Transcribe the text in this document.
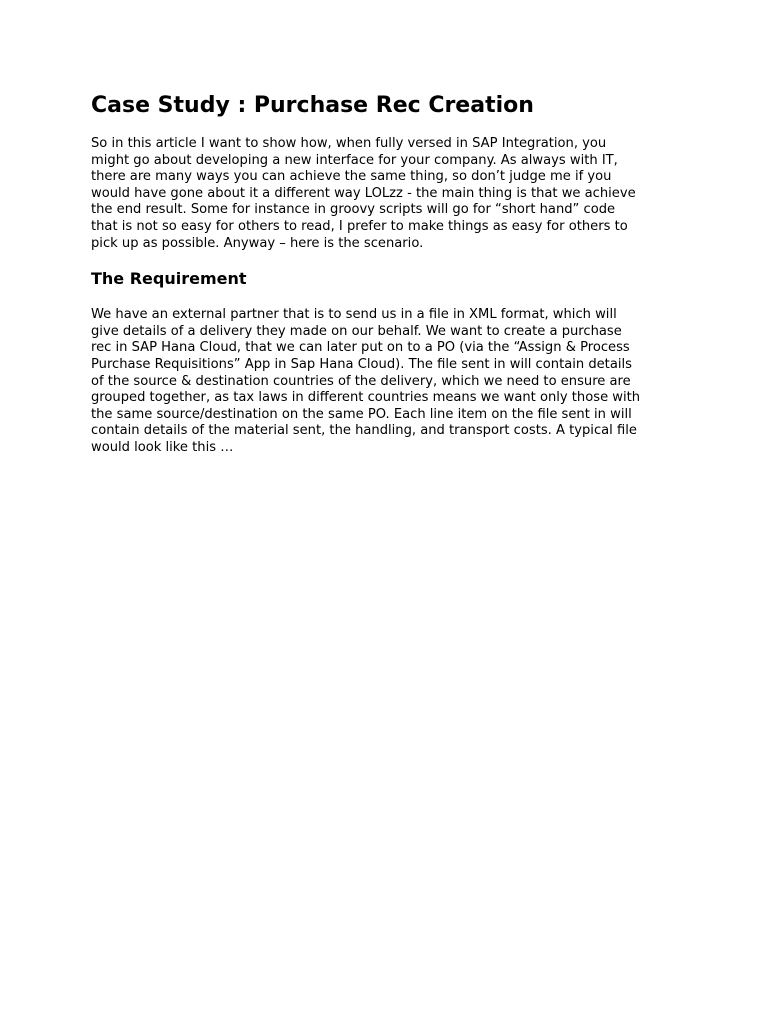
Case Study : Purchase Rec Creation

So in this article I want to show how, when fully versed in SAP Integration, you
might go about developing a new interface for your company. As always with IT,
there are many ways you can achieve the same thing, so don’t judge me if you
would have gone about it a different way LOLzz - the main thing is that we achieve
the end result. Some for instance in groovy scripts will go for “short hand” code
that is not so easy for others to read, I prefer to make things as easy for others to
pick up as possible. Anyway – here is the scenario.

The Requirement

We have an external partner that is to send us in a file in XML format, which will
give details of a delivery they made on our behalf. We want to create a purchase
rec in SAP Hana Cloud, that we can later put on to a PO (via the “Assign & Process
Purchase Requisitions” App in Sap Hana Cloud). The file sent in will contain details
of the source & destination countries of the delivery, which we need to ensure are
grouped together, as tax laws in different countries means we want only those with
the same source/destination on the same PO. Each line item on the file sent in will
contain details of the material sent, the handling, and transport costs. A typical file
would look like this …
